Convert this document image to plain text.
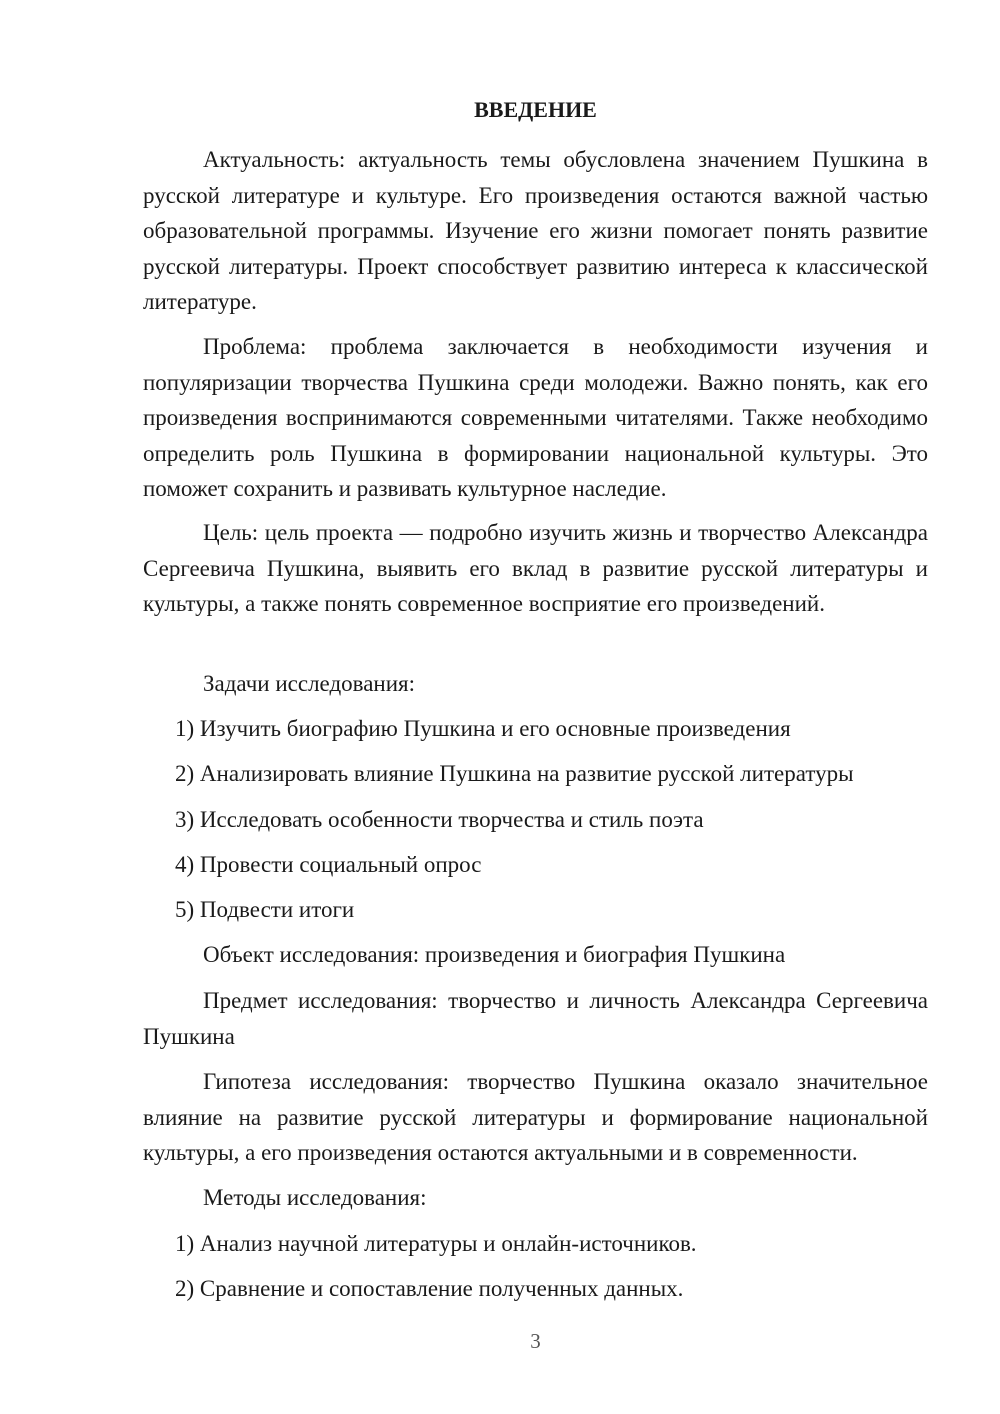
ВВЕДЕНИЕ

Актуальность: актуальность темы обусловлена значением Пушкина в русской литературе и культуре. Его произведения остаются важной частью образовательной программы. Изучение его жизни помогает понять развитие русской литературы. Проект способствует развитию интереса к классической литературе.

Проблема: проблема заключается в необходимости изучения и популяризации творчества Пушкина среди молодежи. Важно понять, как его произведения воспринимаются современными читателями. Также необходимо определить роль Пушкина в формировании национальной культуры. Это поможет сохранить и развивать культурное наследие.

Цель: цель проекта — подробно изучить жизнь и творчество Александра Сергеевича Пушкина, выявить его вклад в развитие русской литературы и культуры, а также понять современное восприятие его произведений.

Задачи исследования:

1) Изучить биографию Пушкина и его основные произведения

2) Анализировать влияние Пушкина на развитие русской литературы

3) Исследовать особенности творчества и стиль поэта

4) Провести социальный опрос

5) Подвести итоги

Объект исследования: произведения и биография Пушкина

Предмет исследования: творчество и личность Александра Сергеевича Пушкина

Гипотеза исследования: творчество Пушкина оказало значительное влияние на развитие русской литературы и формирование национальной культуры, а его произведения остаются актуальными и в современности.

Методы исследования:

1) Анализ научной литературы и онлайн-источников.

2) Сравнение и сопоставление полученных данных.

3
